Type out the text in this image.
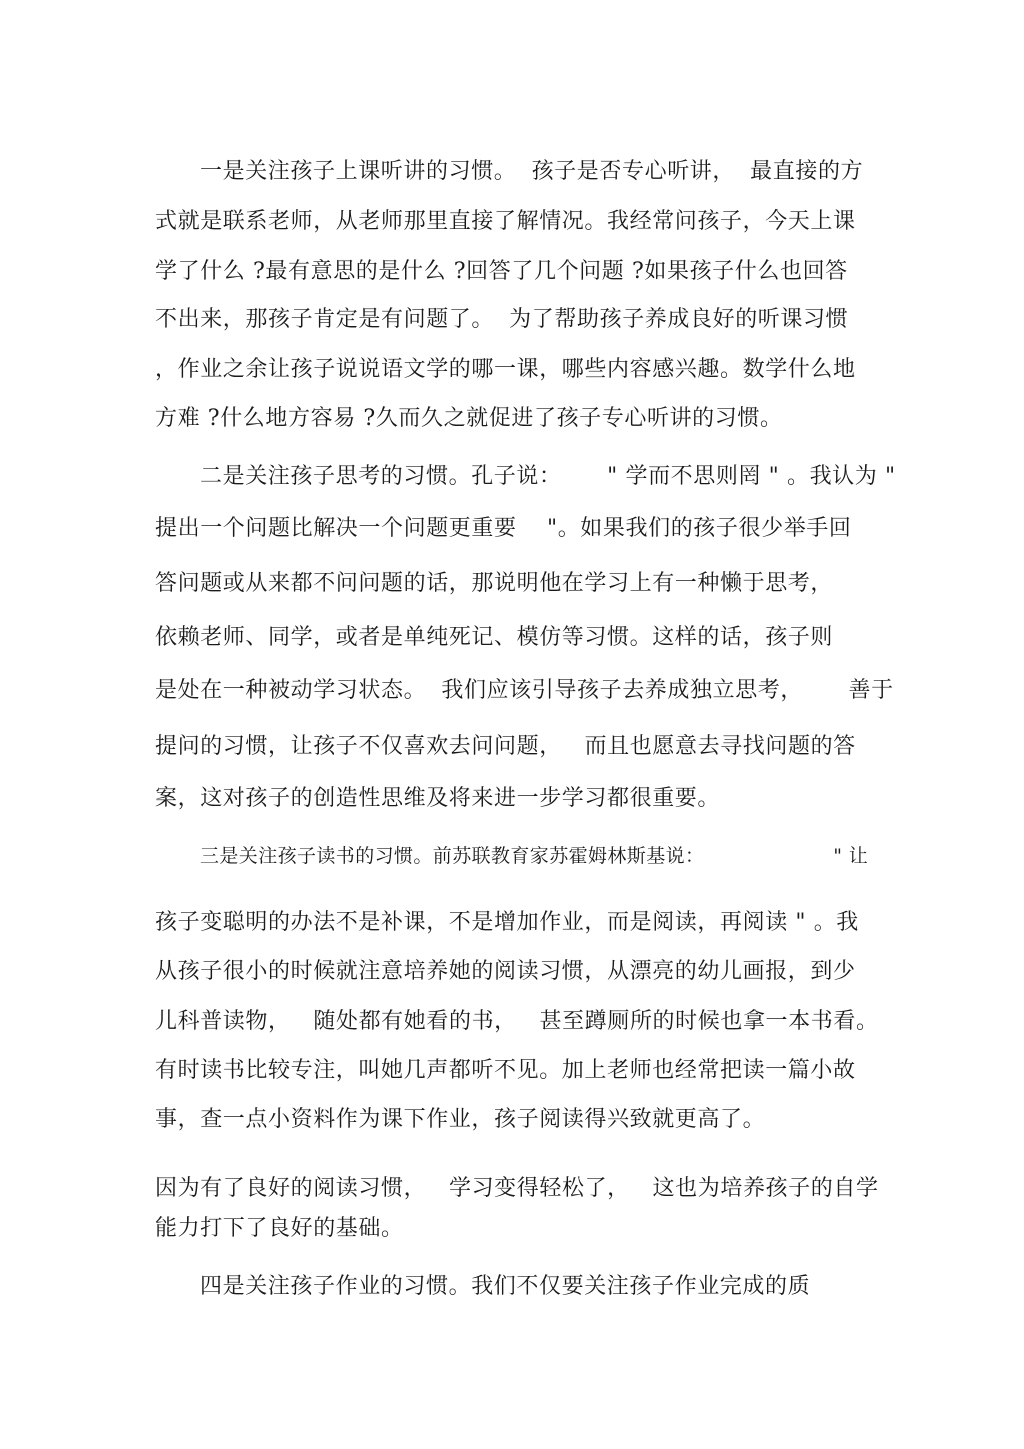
一是关注孩子上课听讲的习惯。  孩子是否专心听讲，  最直接的方
式就是联系老师，从老师那里直接了解情况。我经常问孩子，今天上课
学了什么 ?最有意思的是什么 ?回答了几个问题 ?如果孩子什么也回答
不出来，那孩子肯定是有问题了。  为了帮助孩子养成良好的听课习惯
，作业之余让孩子说说语文学的哪一课，哪些内容感兴趣。数学什么地
方难 ?什么地方容易 ?久而久之就促进了孩子专心听讲的习惯。
二是关注孩子思考的习惯。孔子说：      " 学而不思则罔 " 。我认为 "
提出一个问题比解决一个问题更重要    "。如果我们的孩子很少举手回
答问题或从来都不问问题的话，那说明他在学习上有一种懒于思考，
依赖老师、同学，或者是单纯死记、模仿等习惯。这样的话，孩子则
是处在一种被动学习状态。  我们应该引导孩子去养成独立思考，      善于
提问的习惯，让孩子不仅喜欢去问问题，   而且也愿意去寻找问题的答
案，这对孩子的创造性思维及将来进一步学习都很重要。
三是关注孩子读书的习惯。前苏联教育家苏霍姆林斯基说：                    " 让
孩子变聪明的办法不是补课，不是增加作业，而是阅读，再阅读 " 。我
从孩子很小的时候就注意培养她的阅读习惯，从漂亮的幼儿画报，到少
儿科普读物，   随处都有她看的书，   甚至蹲厕所的时候也拿一本书看。
有时读书比较专注，叫她几声都听不见。加上老师也经常把读一篇小故
事，查一点小资料作为课下作业，孩子阅读得兴致就更高了。
因为有了良好的阅读习惯，   学习变得轻松了，   这也为培养孩子的自学
能力打下了良好的基础。
四是关注孩子作业的习惯。我们不仅要关注孩子作业完成的质
